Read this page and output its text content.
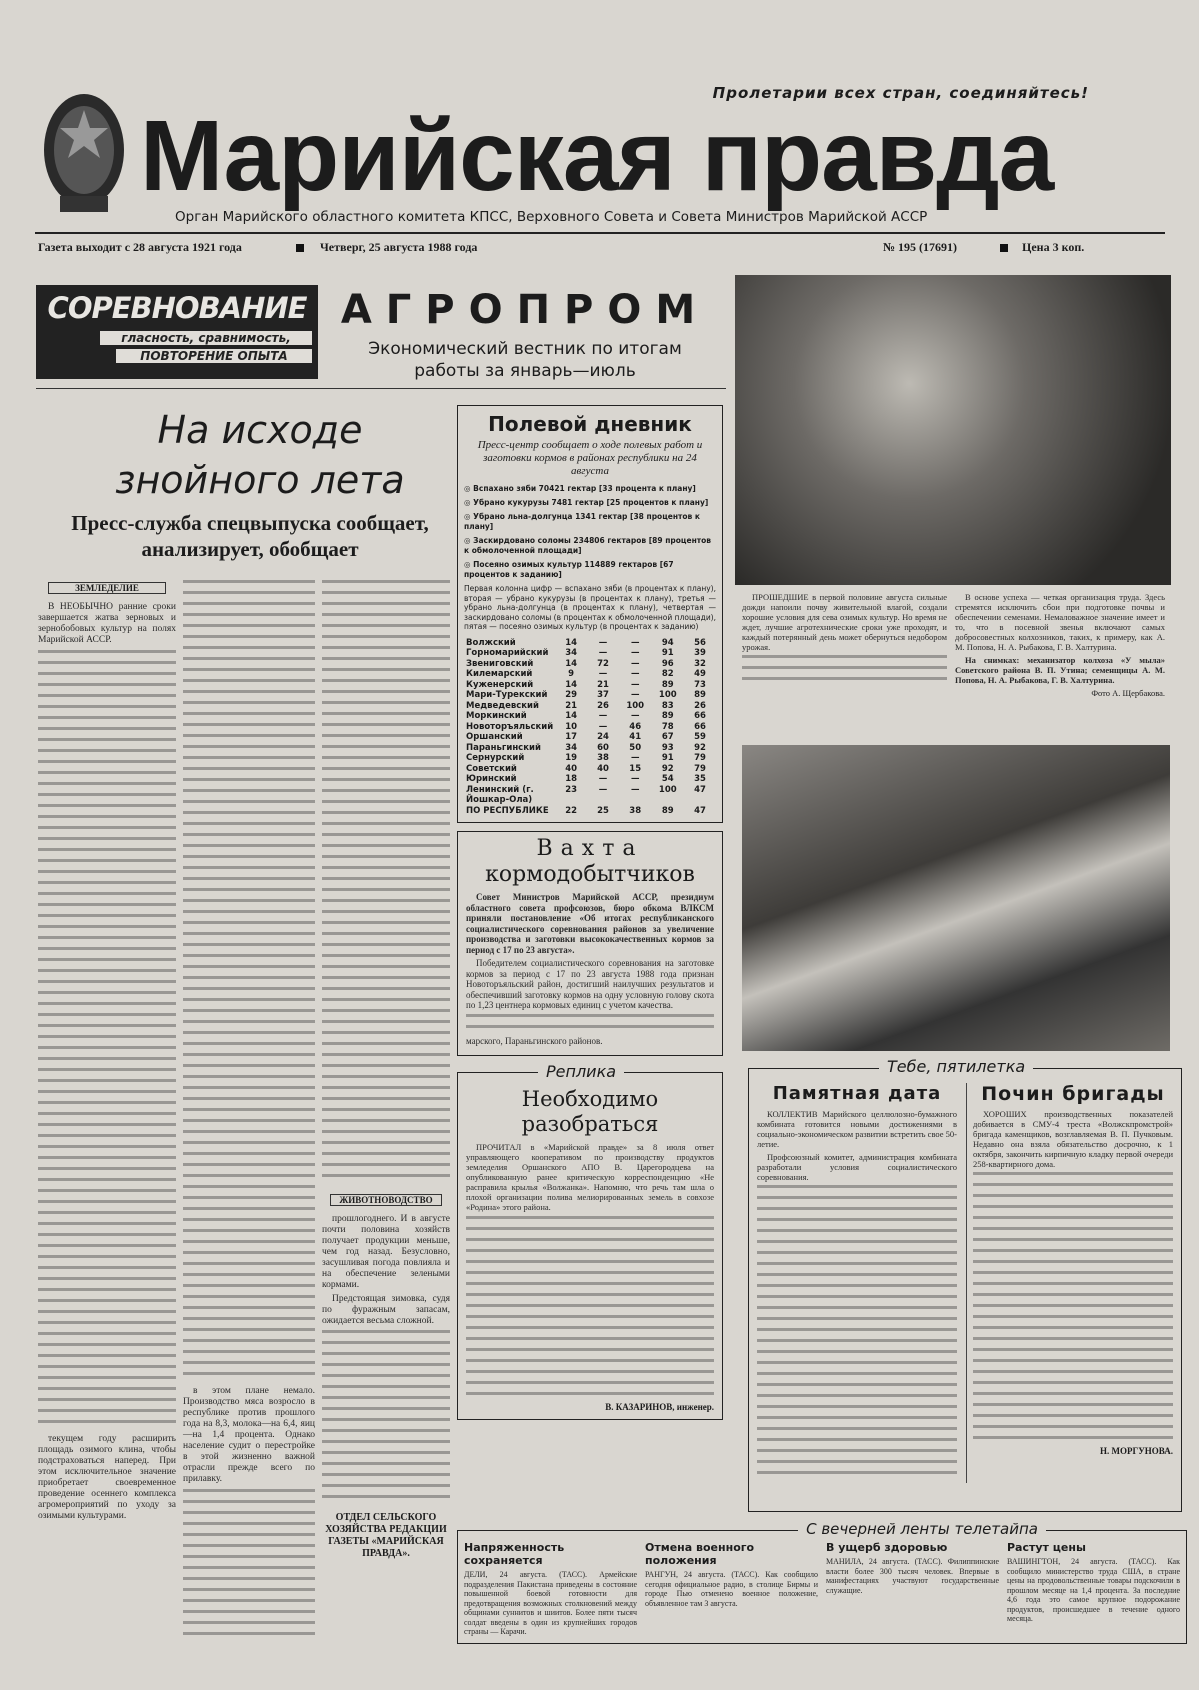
Пролетарии всех стран, соединяйтесь!
Марийская правда
Орган Марийского областного комитета КПСС, Верховного Совета и Совета Министров Марийской АССР
Газета выходит с 28 августа 1921 года	Четверг, 25 августа 1988 года	№ 195 (17691)	Цена 3 коп.
СОРЕВНОВАНИЕ
гласность, сравнимость,
ПОВТОРЕНИЕ ОПЫТА
АГРОПРОМ
Экономический вестник по итогам работы за январь—июль
На исходе знойного лета
Пресс-служба спецвыпуска сообщает, анализирует, обобщает
ЗЕМЛЕДЕЛИЕ

В НЕОБЫЧНО ранние сроки завершается жатва зерновых и зернобобовых культур на полях Марийской АССР.

текущем году расширить площадь озимого клина, чтобы подстраховаться наперед. При этом исключительное значение приобретает своевременное проведение осеннего комплекса агромероприятий по уходу за озимыми культурами.

в этом плане немало. Производство мяса возросло в республике против прошлого года на 8,3, молока—на 6,4, яиц—на 1,4 процента. Однако население судит о перестройке в этой жизненно важной отрасли прежде всего по прилавку.

ЖИВОТНОВОДСТВО

прошлогоднего. И в августе почти половина хозяйств получает продукции меньше, чем год назад. Безусловно, засушливая погода повлияла и на обеспечение зелеными кормами.

Предстоящая зимовка, судя по фуражным запасам, ожидается весьма сложной.

ОТДЕЛ СЕЛЬСКОГО ХОЗЯЙСТВА РЕДАКЦИИ ГАЗЕТЫ «МАРИЙСКАЯ ПРАВДА».
Полевой дневник
Пресс-центр сообщает о ходе полевых работ и заготовки кормов в районах республики на 24 августа
◎ Вспахано зяби 70421 гектар [33 процента к плану]
◎ Убрано кукурузы 7481 гектар [25 процентов к плану]
◎ Убрано льна-долгунца 1341 гектар [38 процентов к плану]
◎ Заскирдовано соломы 234806 гектаров [89 процентов к обмолоченной площади]
◎ Посеяно озимых культур 114889 гектаров [67 процентов к заданию]
Первая колонна цифр — вспахано зяби (в процентах к плану), вторая — убрано кукурузы (в процентах к плану), третья — убрано льна-долгунца (в процентах к плану), четвертая — заскирдовано соломы (в процентах к обмолоченной площади), пятая — посеяно озимых культур (в процентах к заданию)
Волжский	14	—	—	94	56
Горномарийский	34	—	—	91	39
Звениговский	14	72	—	96	32
Килемарский	9	—	—	82	49
Куженерский	14	21	—	89	73
Мари-Турекский	29	37	—	100	89
Медведевский	21	26	100	83	26
Моркинский	14	—	—	89	66
Новоторъяльский	10	—	46	78	66
Оршанский	17	24	41	67	59
Параньгинский	34	60	50	93	92
Сернурский	19	38	—	91	79
Советский	40	40	15	92	79
Юринский	18	—	—	54	35
Ленинский (г. Йошкар-Ола)	23	—	—	100	47
ПО РЕСПУБЛИКЕ	22	25	38	89	47
Вахта
кормодобытчиков

Совет Министров Марийской АССР, президиум областного совета профсоюзов, бюро обкома ВЛКСМ приняли постановление «Об итогах республиканского социалистического соревнования районов за увеличение производства и заготовки высококачественных кормов за период с 17 по 23 августа».

Победителем социалистического соревнования на заготовке кормов за период с 17 по 23 августа 1988 года признан Новоторъяльский район, достигший наилучших результатов и обеспечивший заготовку кормов на одну условную голову скота по 1,23 центнера кормовых единиц с учетом качества.

марского, Параньгинского районов.

Реплика
Необходимо разобраться

ПРОЧИТАЛ в «Марийской правде» за 8 июля ответ управляющего кооперативом по производству продуктов земледелия Оршанского АПО В. Царегородцева на опубликованную ранее критическую корреспонденцию «Не расправила крылья «Волжанка». Напомню, что речь там шла о плохой организации полива мелиорированных земель в совхозе «Родина» этого района.

В. КАЗАРИНОВ, инженер.

ПРОШЕДШИЕ в первой половине августа сильные дожди напоили почву живительной влагой, создали хорошие условия для сева озимых культур. Но время не ждет, лучшие агротехнические сроки уже проходят, и каждый потерянный день может обернуться недобором урожая.

В основе успеха — четкая организация труда. Здесь стремятся исключить сбои при подготовке почвы и обеспечении семенами. Немаловажное значение имеет и то, что в посевной звенья включают самых добросовестных колхозников, таких, к примеру, как А. М. Попова, Н. А. Рыбакова, Г. В. Халтурина.

На снимках: механизатор колхоза «У мыла» Советского района В. П. Утина; семенщицы А. М. Попова, Н. А. Рыбакова, Г. В. Халтурина.

Фото А. Щербакова.
Тебе, пятилетка
Памятная дата

КОЛЛЕКТИВ Марийского целлюлозно-бумажного комбината готовится новыми достижениями в социально-экономическом развитии встретить свое 50-летие.

Профсоюзный комитет, администрация комбината разработали условия социалистического соревнования.

Почин бригады

ХОРОШИХ производственных показателей добивается в СМУ-4 треста «Волжскпромстрой» бригада каменщиков, возглавляемая В. П. Пучковым. Недавно она взяла обязательство досрочно, к 1 октября, закончить кирпичную кладку первой очереди 258-квартирного дома.

Н. МОРГУНОВА.
С вечерней ленты телетайпа
Напряженность сохраняется
ДЕЛИ, 24 августа. (ТАСС). Армейские подразделения Пакистана приведены в состояние повышенной боевой готовности для предотвращения возможных столкновений между общинами суннитов и шиитов. Более пяти тысяч солдат введены в один из крупнейших городов страны — Карачи.
Отмена военного положения
РАНГУН, 24 августа. (ТАСС). Как сообщило сегодня официальное радио, в столице Бирмы и городе Пью отменено военное положение, объявленное там 3 августа.
В ущерб здоровью
МАНИЛА, 24 августа. (ТАСС). Филиппинские власти более 300 тысяч человек. Впервые в манифестациях участвуют государственные служащие.
Растут цены
ВАШИНГТОН, 24 августа. (ТАСС). Как сообщило министерство труда США, в стране цены на продовольственные товары подскочили в прошлом месяце на 1,4 процента. За последние 4,6 года это самое крупное подорожание продуктов, происшедшее в течение одного месяца.
